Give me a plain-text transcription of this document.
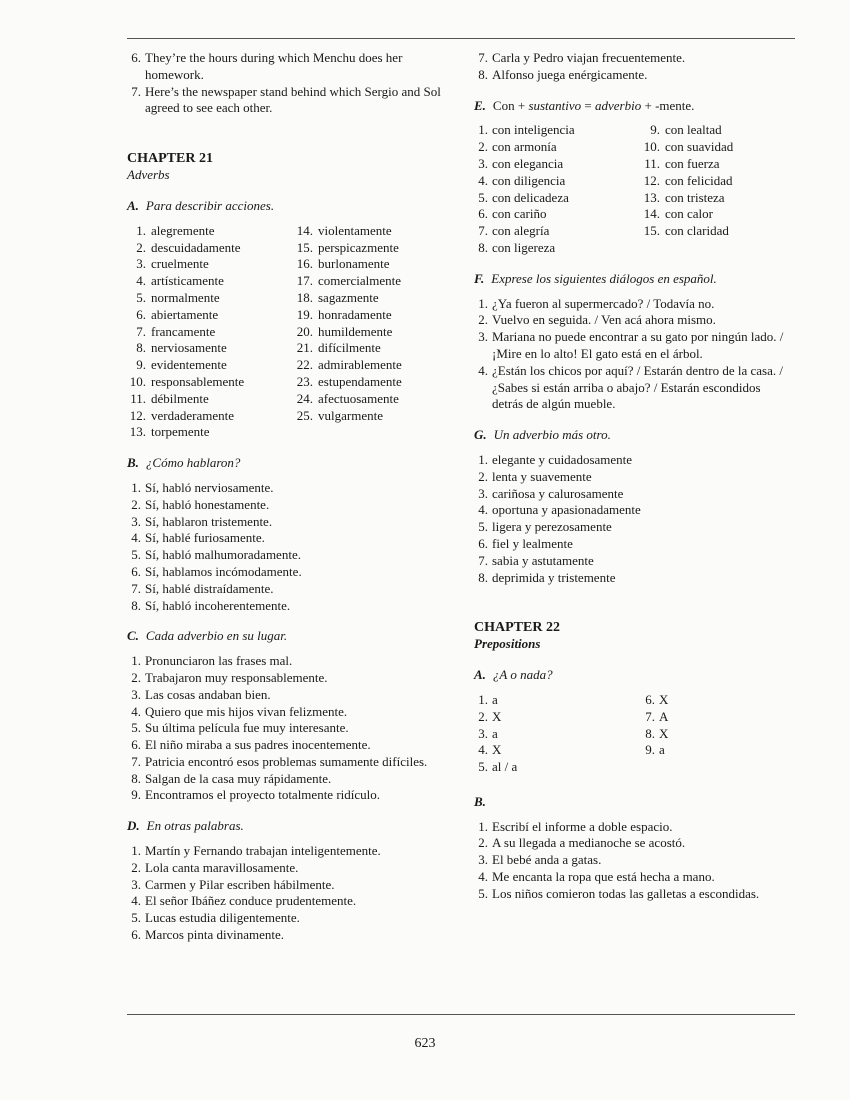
6. They’re the hours during which Menchu does her homework.
7. Here’s the newspaper stand behind which Sergio and Sol agreed to see each other.
CHAPTER 21
Adverbs
A. Para describir acciones.
1. alegremente
2. descuidadamente
3. cruelmente
4. artísticamente
5. normalmente
6. abiertamente
7. francamente
8. nerviosamente
9. evidentemente
10. responsablemente
11. débilmente
12. verdaderamente
13. torpemente
14. violentamente
15. perspicazmente
16. burlonamente
17. comercialmente
18. sagazmente
19. honradamente
20. humildemente
21. difícilmente
22. admirablemente
23. estupendamente
24. afectuosamente
25. vulgarmente
B. ¿Cómo hablaron?
1. Sí, habló nerviosamente.
2. Sí, habló honestamente.
3. Sí, hablaron tristemente.
4. Sí, hablé furiosamente.
5. Sí, habló malhumoradamente.
6. Sí, hablamos incómodamente.
7. Sí, hablé distraídamente.
8. Sí, habló incoherentemente.
C. Cada adverbio en su lugar.
1. Pronunciaron las frases mal.
2. Trabajaron muy responsablemente.
3. Las cosas andaban bien.
4. Quiero que mis hijos vivan felizmente.
5. Su última película fue muy interesante.
6. El niño miraba a sus padres inocentemente.
7. Patricia encontró esos problemas sumamente difíciles.
8. Salgan de la casa muy rápidamente.
9. Encontramos el proyecto totalmente ridículo.
D. En otras palabras.
1. Martín y Fernando trabajan inteligentemente.
2. Lola canta maravillosamente.
3. Carmen y Pilar escriben hábilmente.
4. El señor Ibáñez conduce prudentemente.
5. Lucas estudia diligentemente.
6. Marcos pinta divinamente.
7. Carla y Pedro viajan frecuentemente.
8. Alfonso juega enérgicamente.
E. Con + sustantivo = adverbio + -mente.
1. con inteligencia
2. con armonía
3. con elegancia
4. con diligencia
5. con delicadeza
6. con cariño
7. con alegría
8. con ligereza
9. con lealtad
10. con suavidad
11. con fuerza
12. con felicidad
13. con tristeza
14. con calor
15. con claridad
F. Exprese los siguientes diálogos en español.
1. ¿Ya fueron al supermercado? / Todavía no.
2. Vuelvo en seguida. / Ven acá ahora mismo.
3. Mariana no puede encontrar a su gato por ningún lado. / ¡Mire en lo alto! El gato está en el árbol.
4. ¿Están los chicos por aquí? / Estarán dentro de la casa. / ¿Sabes si están arriba o abajo? / Estarán escondidos detrás de algún mueble.
G. Un adverbio más otro.
1. elegante y cuidadosamente
2. lenta y suavemente
3. cariñosa y calurosamente
4. oportuna y apasionadamente
5. ligera y perezosamente
6. fiel y lealmente
7. sabia y astutamente
8. deprimida y tristemente
CHAPTER 22
Prepositions
A. ¿A o nada?
1. a
2. X
3. a
4. X
5. al / a
6. X
7. A
8. X
9. a
B.
1. Escribí el informe a doble espacio.
2. A su llegada a medianoche se acostó.
3. El bebé anda a gatas.
4. Me encanta la ropa que está hecha a mano.
5. Los niños comieron todas las galletas a escondidas.
623
